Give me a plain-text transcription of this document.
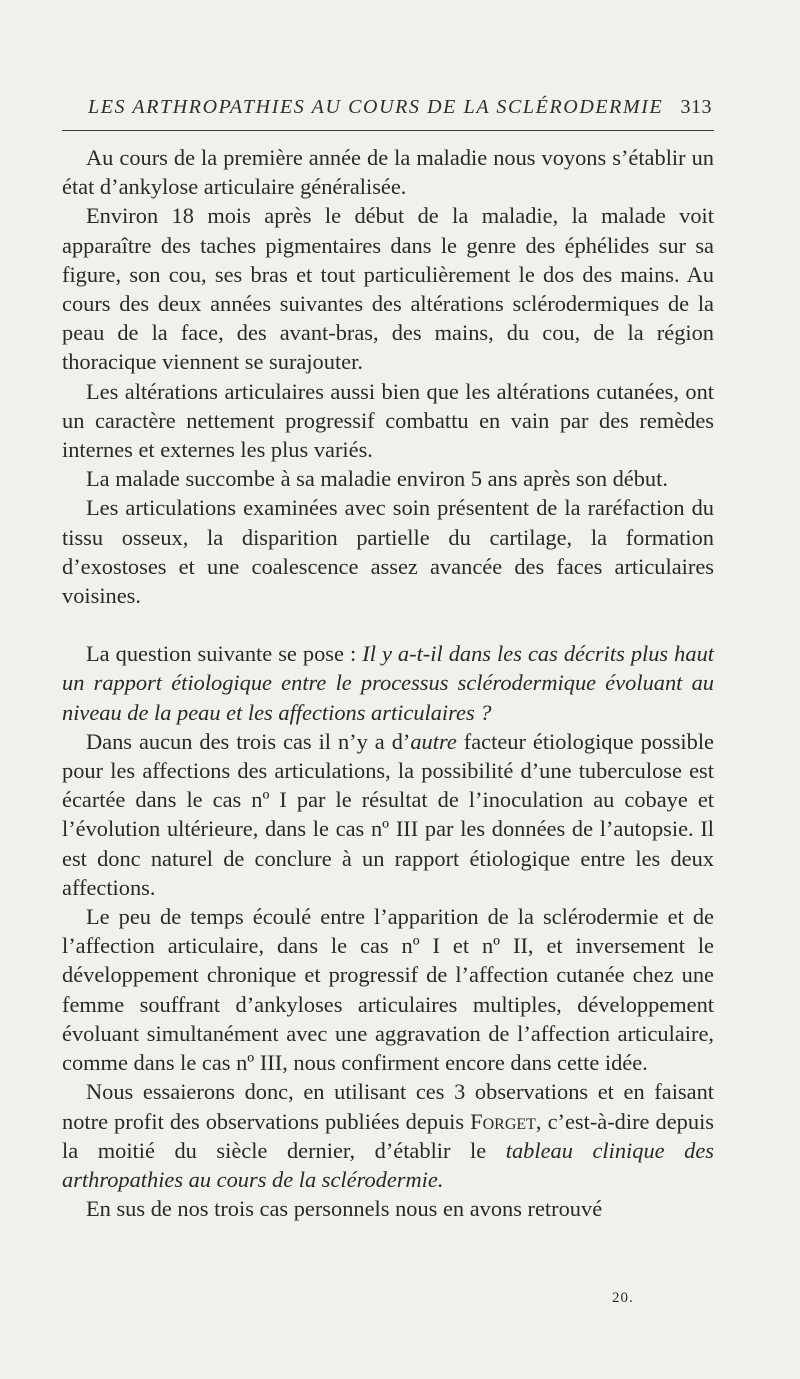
LES ARTHROPATHIES AU COURS DE LA SCLÉRODERMIE 313

Au cours de la première année de la maladie nous voyons s’établir un état d’ankylose articulaire généralisée.

Environ 18 mois après le début de la maladie, la malade voit apparaître des taches pigmentaires dans le genre des éphélides sur sa figure, son cou, ses bras et tout particulièrement le dos des mains. Au cours des deux années suivantes des altérations sclérodermiques de la peau de la face, des avant-bras, des mains, du cou, de la région thoracique viennent se surajouter.

Les altérations articulaires aussi bien que les altérations cutanées, ont un caractère nettement progressif combattu en vain par des remèdes internes et externes les plus variés.

La malade succombe à sa maladie environ 5 ans après son début.

Les articulations examinées avec soin présentent de la raréfaction du tissu osseux, la disparition partielle du cartilage, la formation d’exostoses et une coalescence assez avancée des faces articulaires voisines.

La question suivante se pose : Il y a-t-il dans les cas décrits plus haut un rapport étiologique entre le processus sclérodermique évoluant au niveau de la peau et les affections articulaires ?

Dans aucun des trois cas il n’y a d’autre facteur étiologique possible pour les affections des articulations, la possibilité d’une tuberculose est écartée dans le cas nº I par le résultat de l’inoculation au cobaye et l’évolution ultérieure, dans le cas nº III par les données de l’autopsie. Il est donc naturel de conclure à un rapport étiologique entre les deux affections.

Le peu de temps écoulé entre l’apparition de la sclérodermie et de l’affection articulaire, dans le cas nº I et nº II, et inversement le développement chronique et progressif de l’affection cutanée chez une femme souffrant d’ankyloses articulaires multiples, développement évoluant simultanément avec une aggravation de l’affection articulaire, comme dans le cas nº III, nous confirment encore dans cette idée.

Nous essaierons donc, en utilisant ces 3 observations et en faisant notre profit des observations publiées depuis Forget, c’est-à-dire depuis la moitié du siècle dernier, d’établir le tableau clinique des arthropathies au cours de la sclérodermie.

En sus de nos trois cas personnels nous en avons retrouvé

20.
